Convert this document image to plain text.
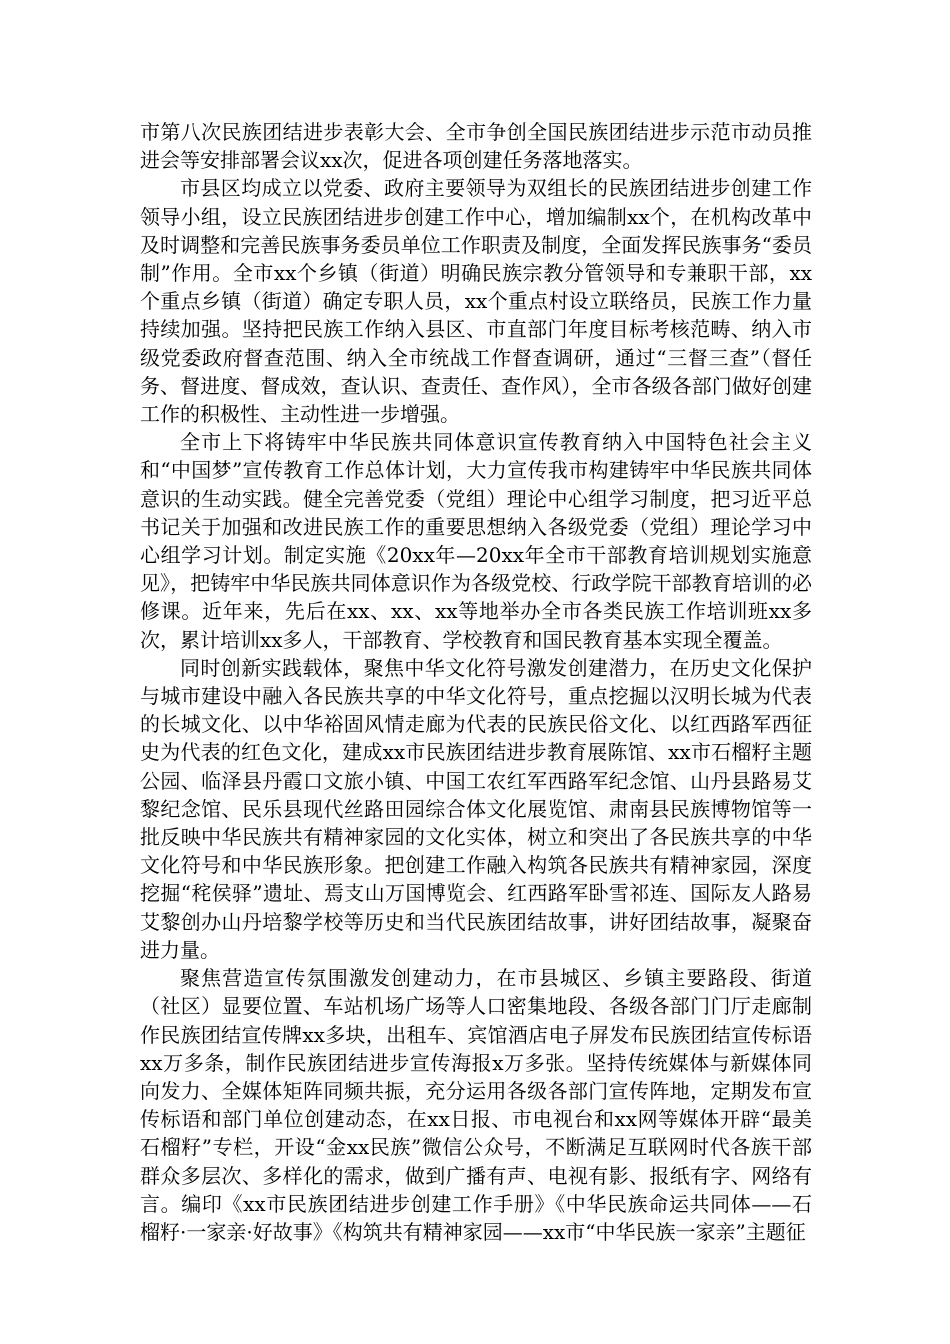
市第八次民族团结进步表彰大会、全市争创全国民族团结进步示范市动员推进会等安排部署会议xx次，促进各项创建任务落地落实。

市县区均成立以党委、政府主要领导为双组长的民族团结进步创建工作领导小组，设立民族团结进步创建工作中心，增加编制xx个，在机构改革中及时调整和完善民族事务委员单位工作职责及制度，全面发挥民族事务“委员制”作用。全市xx个乡镇（街道）明确民族宗教分管领导和专兼职干部，xx个重点乡镇（街道）确定专职人员，xx个重点村设立联络员，民族工作力量持续加强。坚持把民族工作纳入县区、市直部门年度目标考核范畴、纳入市级党委政府督查范围、纳入全市统战工作督查调研，通过“三督三查”（督任务、督进度、督成效，查认识、查责任、查作风），全市各级各部门做好创建工作的积极性、主动性进一步增强。

全市上下将铸牢中华民族共同体意识宣传教育纳入中国特色社会主义和“中国梦”宣传教育工作总体计划，大力宣传我市构建铸牢中华民族共同体意识的生动实践。健全完善党委（党组）理论中心组学习制度，把习近平总书记关于加强和改进民族工作的重要思想纳入各级党委（党组）理论学习中心组学习计划。制定实施《20xx年—20xx年全市干部教育培训规划实施意见》，把铸牢中华民族共同体意识作为各级党校、行政学院干部教育培训的必修课。近年来，先后在xx、xx、xx等地举办全市各类民族工作培训班xx多次，累计培训xx多人，干部教育、学校教育和国民教育基本实现全覆盖。

同时创新实践载体，聚焦中华文化符号激发创建潜力，在历史文化保护与城市建设中融入各民族共享的中华文化符号，重点挖掘以汉明长城为代表的长城文化、以中华裕固风情走廊为代表的民族民俗文化、以红西路军西征史为代表的红色文化，建成xx市民族团结进步教育展陈馆、xx市石榴籽主题公园、临泽县丹霞口文旅小镇、中国工农红军西路军纪念馆、山丹县路易艾黎纪念馆、民乐县现代丝路田园综合体文化展览馆、肃南县民族博物馆等一批反映中华民族共有精神家园的文化实体，树立和突出了各民族共享的中华文化符号和中华民族形象。把创建工作融入构筑各民族共有精神家园，深度挖掘“秺侯驿”遗址、焉支山万国博览会、红西路军卧雪祁连、国际友人路易艾黎创办山丹培黎学校等历史和当代民族团结故事，讲好团结故事，凝聚奋进力量。

聚焦营造宣传氛围激发创建动力，在市县城区、乡镇主要路段、街道（社区）显要位置、车站机场广场等人口密集地段、各级各部门门厅走廊制作民族团结宣传牌xx多块，出租车、宾馆酒店电子屏发布民族团结宣传标语xx万多条，制作民族团结进步宣传海报x万多张。坚持传统媒体与新媒体同向发力、全媒体矩阵同频共振，充分运用各级各部门宣传阵地，定期发布宣传标语和部门单位创建动态，在xx日报、市电视台和xx网等媒体开辟“最美石榴籽”专栏，开设“金xx民族”微信公众号，不断满足互联网时代各族干部群众多层次、多样化的需求，做到广播有声、电视有影、报纸有字、网络有言。编印《xx市民族团结进步创建工作手册》《中华民族命运共同体——石榴籽·一家亲·好故事》《构筑共有精神家园——xx市“中华民族一家亲”主题征
